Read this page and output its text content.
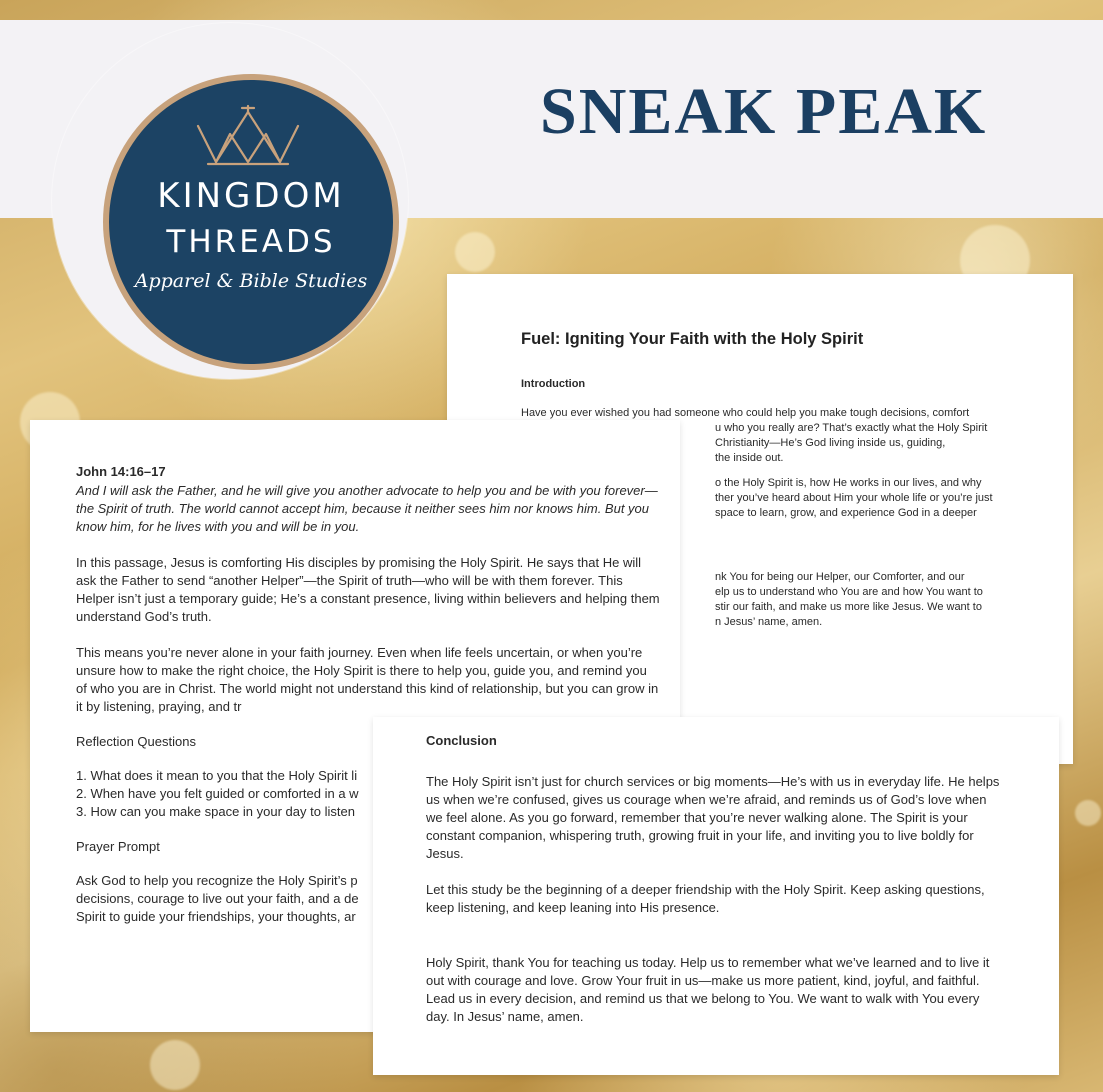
SNEAK PEAK
KINGDOM
THREADS
Apparel & Bible Studies
Fuel: Igniting Your Faith with the Holy Spirit
Introduction
Have you ever wished you had someone who could help you make tough decisions, comfort
u who you really are? That’s exactly what the Holy Spirit
Christianity—He’s God living inside us, guiding,
the inside out.
o the Holy Spirit is, how He works in our lives, and why
ther you’ve heard about Him your whole life or you’re just
space to learn, grow, and experience God in a deeper
nk You for being our Helper, our Comforter, and our
elp us to understand who You are and how You want to
stir our faith, and make us more like Jesus. We want to
n Jesus’ name, amen.

John 14:16–17

And I will ask the Father, and he will give you another advocate to help you and be with you forever— the Spirit of truth. The world cannot accept him, because it neither sees him nor knows him. But you know him, for he lives with you and will be in you.

In this passage, Jesus is comforting His disciples by promising the Holy Spirit. He says that He will ask the Father to send “another Helper”—the Spirit of truth—who will be with them forever. This Helper isn’t just a temporary guide; He’s a constant presence, living within believers and helping them understand God’s truth.

This means you’re never alone in your faith journey. Even when life feels uncertain, or when you’re unsure how to make the right choice, the Holy Spirit is there to help you, guide you, and remind you of who you are in Christ. The world might not understand this kind of relationship, but you can grow in it by listening, praying, and tr

Reflection Questions

1. What does it mean to you that the Holy Spirit li
2. When have you felt guided or comforted in a w
3. How can you make space in your day to listen

Prayer Prompt

Ask God to help you recognize the Holy Spirit’s p
decisions, courage to live out your faith, and a de
Spirit to guide your friendships, your thoughts, ar

Conclusion

The Holy Spirit isn’t just for church services or big moments—He’s with us in everyday life. He helps us when we’re confused, gives us courage when we’re afraid, and reminds us of God’s love when we feel alone. As you go forward, remember that you’re never walking alone. The Spirit is your constant companion, whispering truth, growing fruit in your life, and inviting you to live boldly for Jesus.

Let this study be the beginning of a deeper friendship with the Holy Spirit. Keep asking questions, keep listening, and keep leaning into His presence.

Holy Spirit, thank You for teaching us today. Help us to remember what we’ve learned and to live it out with courage and love. Grow Your fruit in us—make us more patient, kind, joyful, and faithful. Lead us in every decision, and remind us that we belong to You. We want to walk with You every day. In Jesus’ name, amen.
